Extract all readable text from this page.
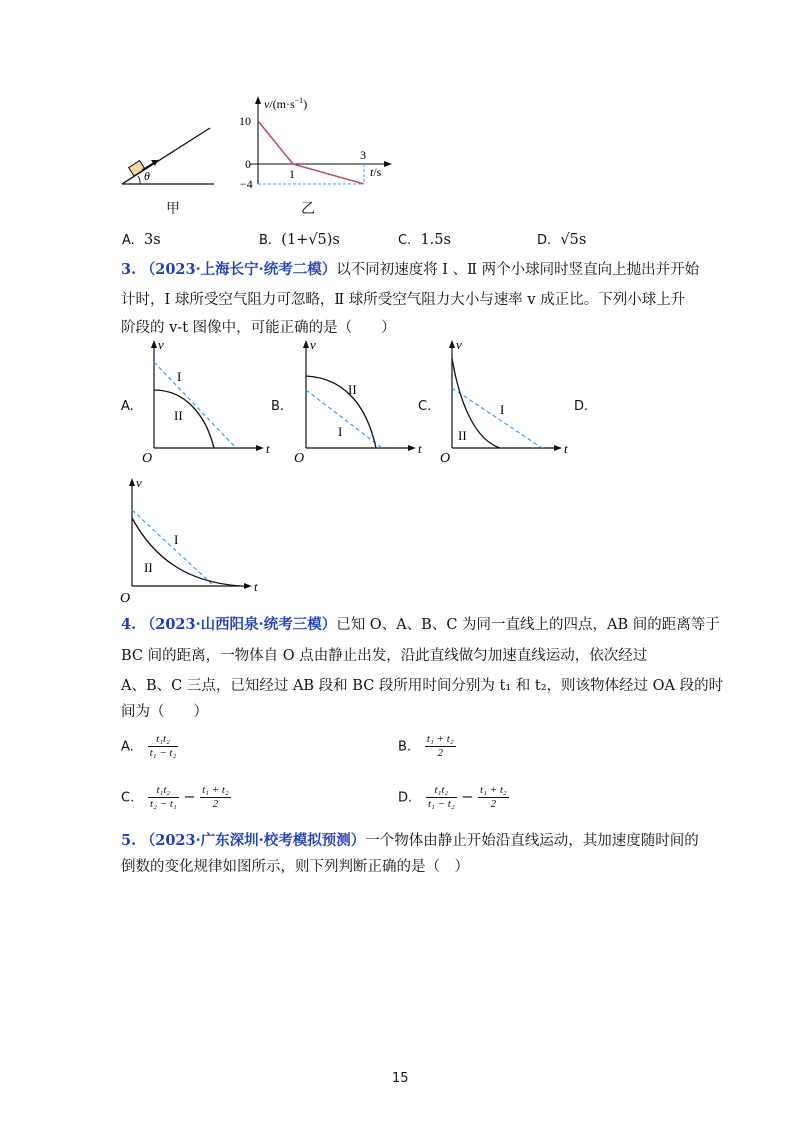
θ
甲
$v/(m\cdot s^{-1})$
10
0
−4
1
3
t/s
乙
A. 3s	B. (1+√5)s	C. 1.5s	D. √5s
3. （2023·上海长宁·统考二模）以不同初速度将 Ⅰ 、Ⅱ 两个小球同时竖直向上抛出并开始
计时，Ⅰ 球所受空气阻力可忽略，Ⅱ 球所受空气阻力大小与速率 v 成正比。下列小球上升
阶段的 v-t 图像中，可能正确的是（　　）
A.	B.	C.	D.
v
t
O
I
II
v
t
O
II
I
v
t
O
I
II
v
t
O
I
II
4. （2023·山西阳泉·统考三模）已知 O、A、B、C 为同一直线上的四点，AB 间的距离等于
BC 间的距离，一物体自 O 点由静止出发，沿此直线做匀加速直线运动，依次经过
A、B、C 三点，已知经过 AB 段和 BC 段所用时间分别为 t₁ 和 t₂，则该物体经过 OA 段的时
间为（　　）
A. $\frac{\text{t₁t₂}}{\text{t₁ − t₂}}$	B. $\frac{\text{t₁ + t₂}}{2}$
C. $\frac{\text{t₁t₂}}{\text{t₂ − t₁}} - \frac{\text{t₁ + t₂}}{2}$	D. $\frac{\text{t₁t₂}}{\text{t₁ − t₂}} - \frac{\text{t₁ + t₂}}{2}$
5. （2023·广东深圳·校考模拟预测）一个物体由静止开始沿直线运动，其加速度随时间的
倒数的变化规律如图所示，则下列判断正确的是（　）
15
